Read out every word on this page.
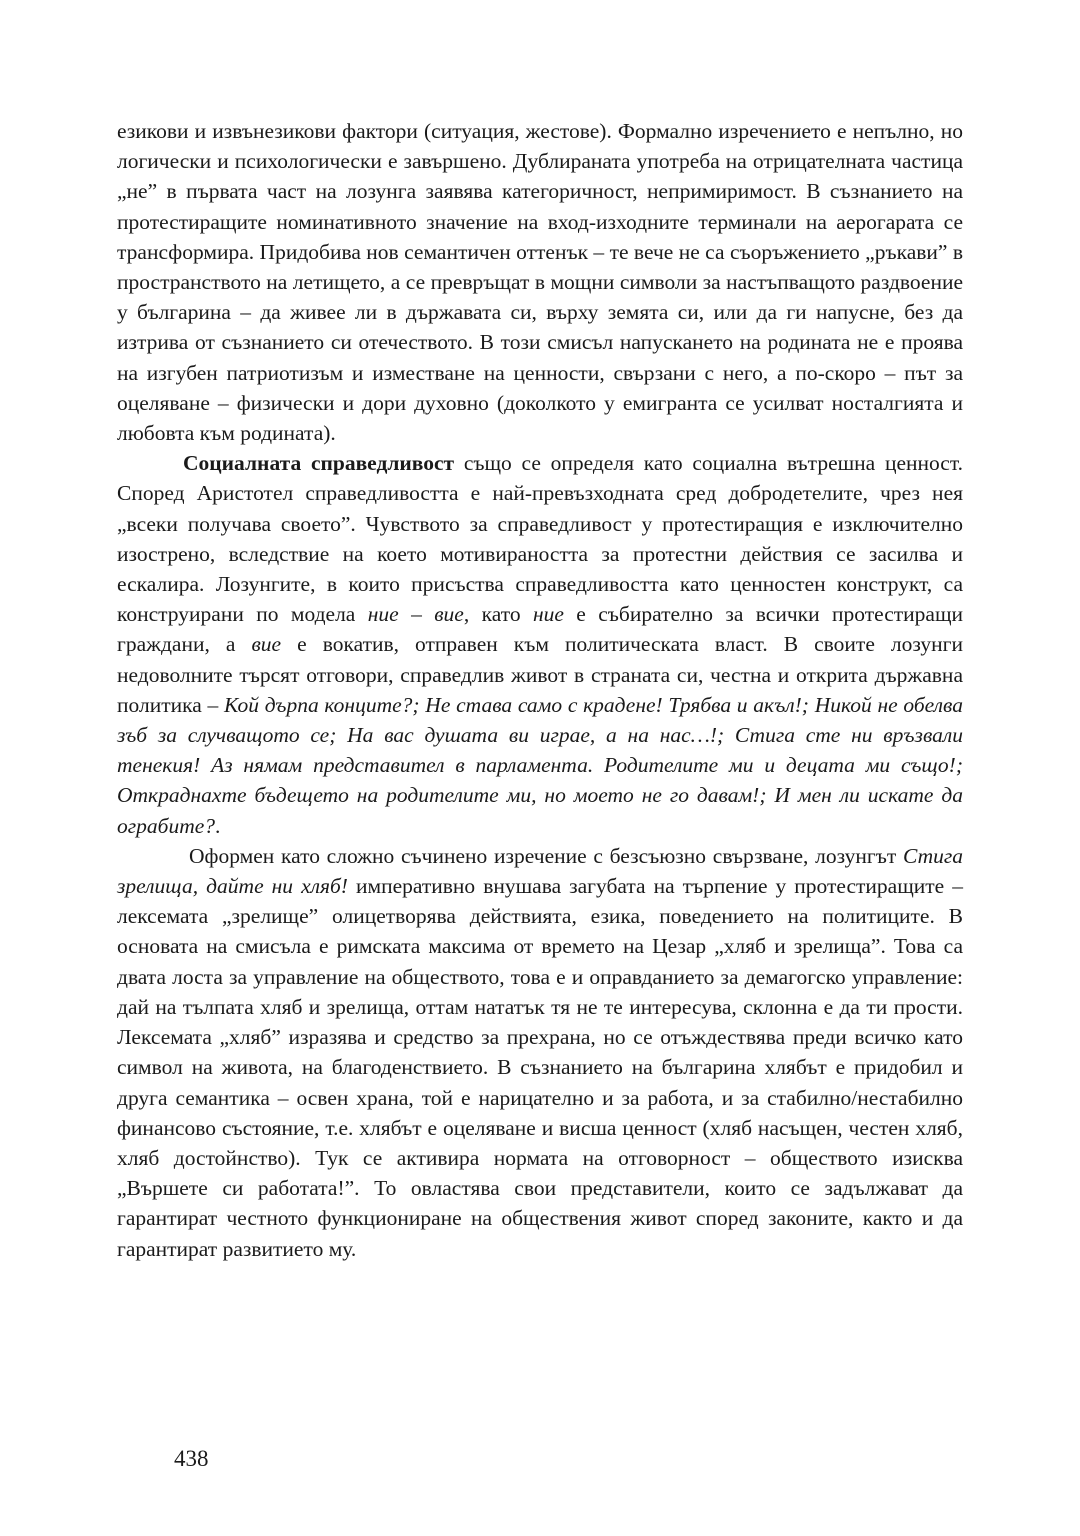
езикови и извънезикови фактори (ситуация, жестове). Формално изречението е непълно, но логически и психологически е завършено. Дублираната употреба на отрицателната частица „не” в първата част на лозунга заявява категоричност, непримиримост. В съзнанието на протестиращите номинативното значение на вход-изходните терминали на аерогарата се трансформира. Придобива нов семантичен оттенък – те вече не са съоръжението „ръкави” в пространството на летището, а се превръщат в мощни символи за настъпващото раздвоение у българина – да живее ли в държавата си, върху земята си, или да ги напусне, без да изтрива от съзнанието си отечеството. В този смисъл напускането на родината не е проява на изгубен патриотизъм и изместване на ценности, свързани с него, а по-скоро – път за оцеляване – физически и дори духовно (доколкото у емигранта се усилват носталгията и любовта към родината).

Социалната справедливост също се определя като социална вътрешна ценност. Според Аристотел справедливостта е най-превъзходната сред добродетелите, чрез нея „всеки получава своето”. Чувството за справедливост у протестиращия е изключително изострено, вследствие на което мотивираността за протестни действия се засилва и ескалира. Лозунгите, в които присъства справедливостта като ценностен конструкт, са конструирани по модела ние – вие, като ние е събирателно за всички протестиращи граждани, а вие е вокатив, отправен към политическата власт. В своите лозунги недоволните търсят отговори, справедлив живот в страната си, честна и открита държавна политика – Кой дърпа конците?; Не става само с крадене! Трябва и акъл!; Никой не обелва зъб за случващото се; На вас душата ви играе, а на нас…!; Стига сте ни връзвали тенекия! Аз нямам представител в парламента. Родителите ми и децата ми също!; Откраднахте бъдещето на родителите ми, но моето не го давам!; И мен ли искате да ограбите?.

Оформен като сложно съчинено изречение с безсъюзно свързване, лозунгът Стига зрелища, дайте ни хляб! императивно внушава загубата на търпение у протестиращите – лексемата „зрелище” олицетворява действията, езика, поведението на политиците. В основата на смисъла е римската максима от времето на Цезар „хляб и зрелища”. Това са двата лоста за управление на обществото, това е и оправданието за демагогско управление: дай на тълпата хляб и зрелища, оттам нататък тя не те интересува, склонна е да ти прости. Лексемата „хляб” изразява и средство за прехрана, но се отъждествява преди всичко като символ на живота, на благоденствието. В съзнанието на българина хлябът е придобил и друга семантика – освен храна, той е нарицателно и за работа, и за стабилно/нестабилно финансово състояние, т.е. хлябът е оцеляване и висша ценност (хляб насъщен, честен хляб, хляб достойнство). Тук се активира нормата на отговорност – обществото изисква „Вършете си работата!”. То овластява свои представители, които се задължават да гарантират честното функциониране на обществения живот според законите, както и да гарантират развитието му.

438
